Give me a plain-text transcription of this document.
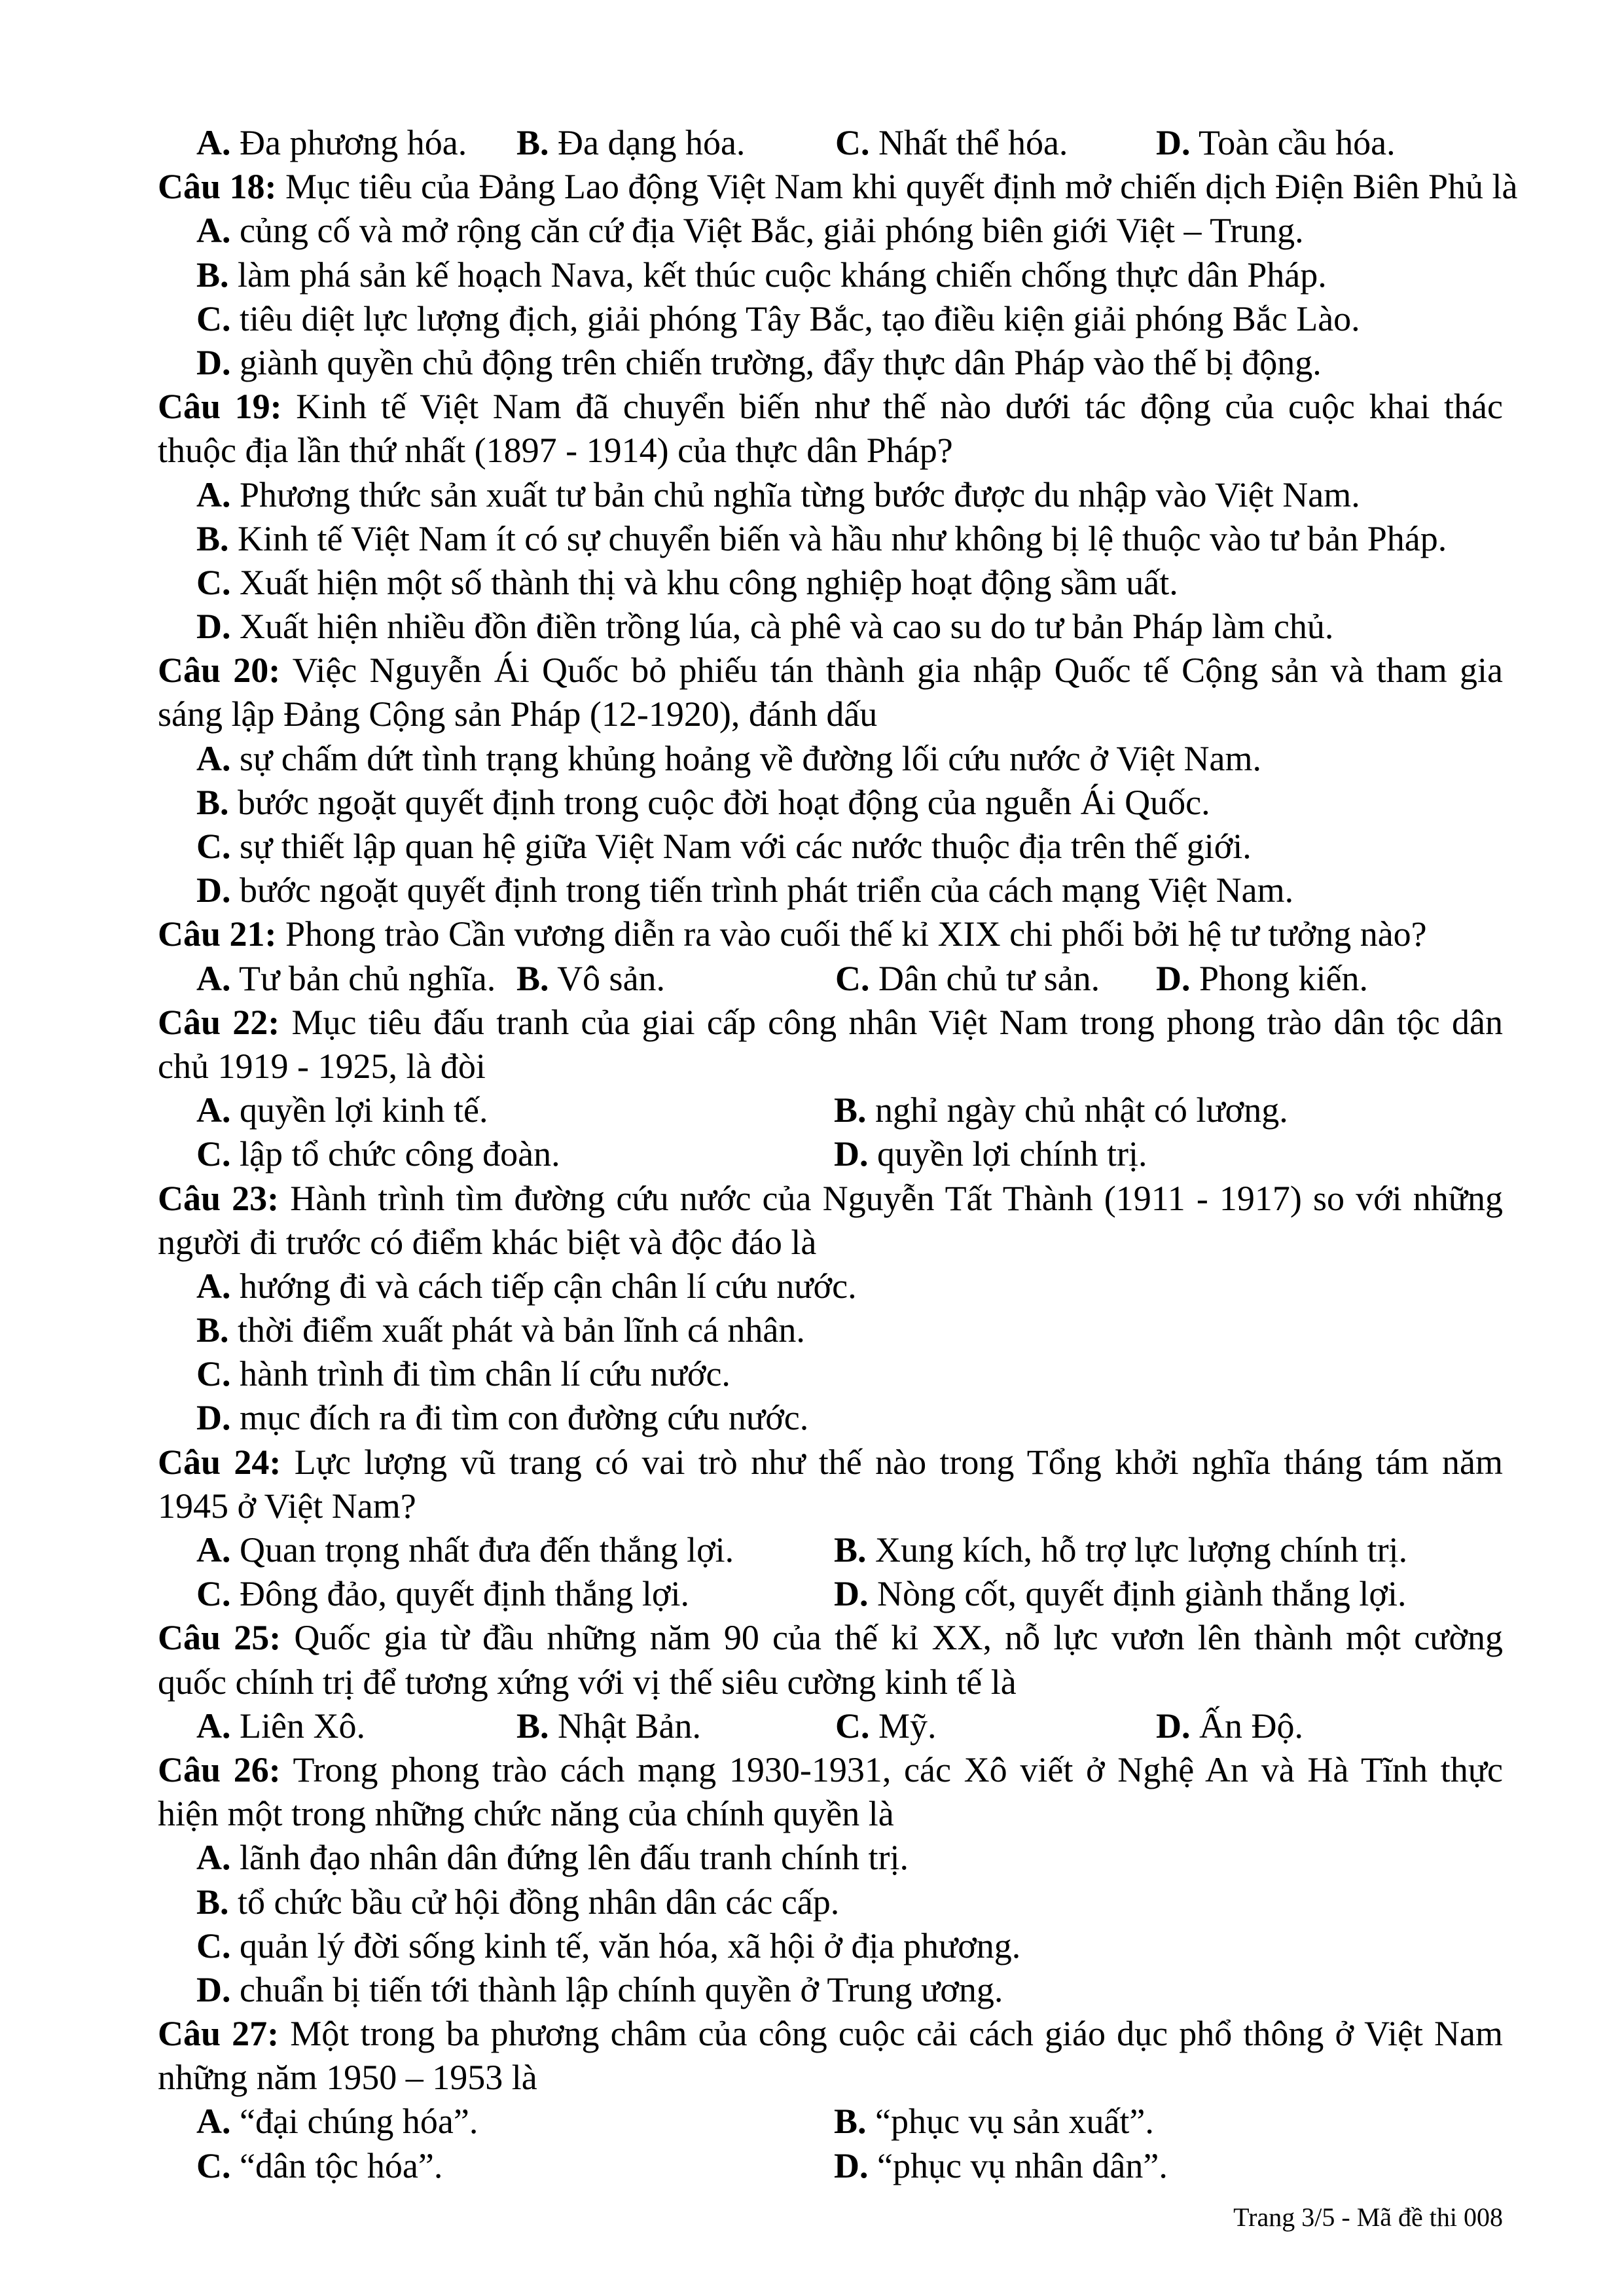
A. Đa phương hóa. B. Đa dạng hóa.	C. Nhất thể hóa. D. Toàn cầu hóa.
Câu 18: Mục tiêu của Đảng Lao động Việt Nam khi quyết định mở chiến dịch Điện Biên Phủ là
A. củng cố và mở rộng căn cứ địa Việt Bắc, giải phóng biên giới Việt – Trung.
B. làm phá sản kế hoạch Nava, kết thúc cuộc kháng chiến chống thực dân Pháp.
C. tiêu diệt lực lượng địch, giải phóng Tây Bắc, tạo điều kiện giải phóng Bắc Lào.
D. giành quyền chủ động trên chiến trường, đẩy thực dân Pháp vào thế bị động.
Câu 19: Kinh tế Việt Nam đã chuyển biến như thế nào dưới tác động của cuộc khai thác
thuộc địa lần thứ nhất (1897 - 1914) của thực dân Pháp?
A. Phương thức sản xuất tư bản chủ nghĩa từng bước được du nhập vào Việt Nam.
B. Kinh tế Việt Nam ít có sự chuyển biến và hầu như không bị lệ thuộc vào tư bản Pháp.
C. Xuất hiện một số thành thị và khu công nghiệp hoạt động sầm uất.
D. Xuất hiện nhiều đồn điền trồng lúa, cà phê và cao su do tư bản Pháp làm chủ.
Câu 20: Việc Nguyễn Ái Quốc bỏ phiếu tán thành gia nhập Quốc tế Cộng sản và tham gia
sáng lập Đảng Cộng sản Pháp (12-1920), đánh dấu
A. sự chấm dứt tình trạng khủng hoảng về đường lối cứu nước ở Việt Nam.
B. bước ngoặt quyết định trong cuộc đời hoạt động của nguễn Ái Quốc.
C. sự thiết lập quan hệ giữa Việt Nam với các nước thuộc địa trên thế giới.
D. bước ngoặt quyết định trong tiến trình phát triển của cách mạng Việt Nam.
Câu 21: Phong trào Cần vương diễn ra vào cuối thế kỉ XIX chi phối bởi hệ tư tưởng nào?
A. Tư bản chủ nghĩa. B. Vô sản.	C. Dân chủ tư sản. D. Phong kiến.
Câu 22: Mục tiêu đấu tranh của giai cấp công nhân Việt Nam trong phong trào dân tộc dân
chủ 1919 - 1925, là đòi
A. quyền lợi kinh tế.	B. nghỉ ngày chủ nhật có lương.
C. lập tổ chức công đoàn.	D. quyền lợi chính trị.
Câu 23: Hành trình tìm đường cứu nước của Nguyễn Tất Thành (1911 - 1917) so với những
người đi trước có điểm khác biệt và độc đáo là
A. hướng đi và cách tiếp cận chân lí cứu nước.
B. thời điểm xuất phát và bản lĩnh cá nhân.
C. hành trình đi tìm chân lí cứu nước.
D. mục đích ra đi tìm con đường cứu nước.
Câu 24: Lực lượng vũ trang có vai trò như thế nào trong Tổng khởi nghĩa tháng tám năm
1945 ở Việt Nam?
A. Quan trọng nhất đưa đến thắng lợi.	B. Xung kích, hỗ trợ lực lượng chính trị.
C. Đông đảo, quyết định thắng lợi.	D. Nòng cốt, quyết định giành thắng lợi.
Câu 25: Quốc gia từ đầu những năm 90 của thế kỉ XX, nỗ lực vươn lên thành một cường
quốc chính trị để tương xứng với vị thế siêu cường kinh tế là
A. Liên Xô.	B. Nhật Bản.	C. Mỹ.	D. Ấn Độ.
Câu 26: Trong phong trào cách mạng 1930-1931, các Xô viết ở Nghệ An và Hà Tĩnh thực
hiện một trong những chức năng của chính quyền là
A. lãnh đạo nhân dân đứng lên đấu tranh chính trị.
B. tổ chức bầu cử hội đồng nhân dân các cấp.
C. quản lý đời sống kinh tế, văn hóa, xã hội ở địa phương.
D. chuẩn bị tiến tới thành lập chính quyền ở Trung ương.
Câu 27: Một trong ba phương châm của công cuộc cải cách giáo dục phổ thông ở Việt Nam
những năm 1950 – 1953 là
A. “đại chúng hóa”.	B. “phục vụ sản xuất”.
C. “dân tộc hóa”.	D. “phục vụ nhân dân”.
Trang 3/5 - Mã đề thi 008
